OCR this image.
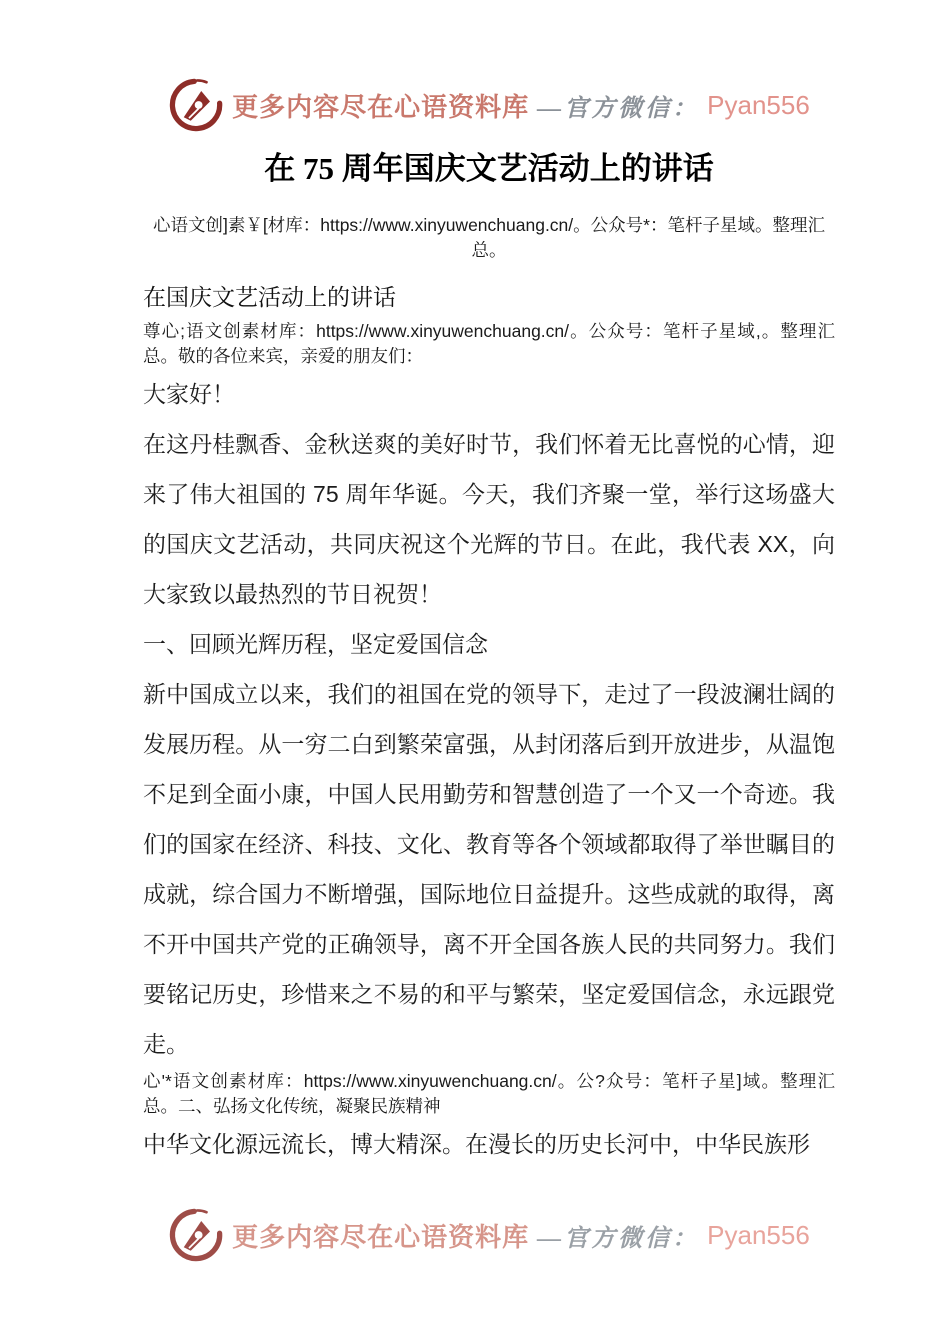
更多内容尽在心语资料库 —官方微信： Pyan556
在 75 周年国庆文艺活动上的讲话

心语文创]素￥[材库：https://www.xinyuwenchuang.cn/。公众号*：笔杆子星域。整理汇总。

在国庆文艺活动上的讲话

尊心;语文创素材库：https://www.xinyuwenchuang.cn/。公众号：笔杆子星域,。整理汇总。敬的各位来宾，亲爱的朋友们：

大家好！

在这丹桂飘香、金秋送爽的美好时节，我们怀着无比喜悦的心情，迎来了伟大祖国的 75 周年华诞。今天，我们齐聚一堂，举行这场盛大的国庆文艺活动，共同庆祝这个光辉的节日。在此，我代表 XX，向大家致以最热烈的节日祝贺！

一、回顾光辉历程，坚定爱国信念

新中国成立以来，我们的祖国在党的领导下，走过了一段波澜壮阔的发展历程。从一穷二白到繁荣富强，从封闭落后到开放进步，从温饱不足到全面小康，中国人民用勤劳和智慧创造了一个又一个奇迹。我们的国家在经济、科技、文化、教育等各个领域都取得了举世瞩目的成就，综合国力不断增强，国际地位日益提升。这些成就的取得，离不开中国共产党的正确领导，离不开全国各族人民的共同努力。我们要铭记历史，珍惜来之不易的和平与繁荣，坚定爱国信念，永远跟党走。

心'*语文创素材库：https://www.xinyuwenchuang.cn/。公?众号：笔杆子星]域。整理汇总。二、弘扬文化传统，凝聚民族精神

中华文化源远流长，博大精深。在漫长的历史长河中，中华民族形

更多内容尽在心语资料库 —官方微信： Pyan556
